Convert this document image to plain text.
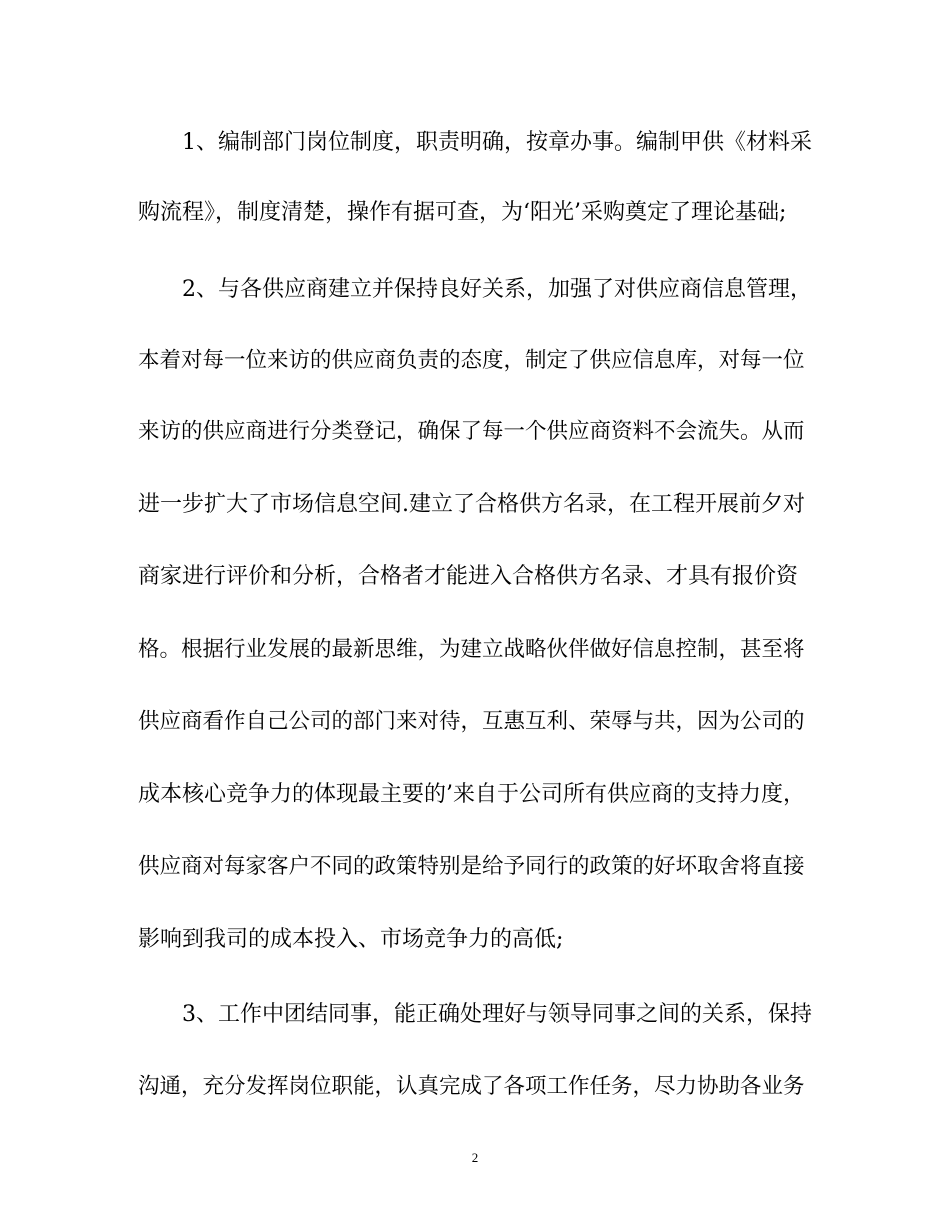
1、编制部门岗位制度，职责明确，按章办事。编制甲供《材料采
购流程》，制度清楚，操作有据可查，为‘阳光’采购奠定了理论基础;
2、与各供应商建立并保持良好关系，加强了对供应商信息管理，
本着对每一位来访的供应商负责的态度，制定了供应信息库，对每一位
来访的供应商进行分类登记，确保了每一个供应商资料不会流失。从而
进一步扩大了市场信息空间.建立了合格供方名录，在工程开展前夕对
商家进行评价和分析，合格者才能进入合格供方名录、才具有报价资
格。根据行业发展的最新思维，为建立战略伙伴做好信息控制，甚至将
供应商看作自己公司的部门来对待，互惠互利、荣辱与共，因为公司的
成本核心竞争力的体现最主要的’来自于公司所有供应商的支持力度，
供应商对每家客户不同的政策特别是给予同行的政策的好坏取舍将直接
影响到我司的成本投入、市场竞争力的高低;
3、工作中团结同事，能正确处理好与领导同事之间的关系，保持
沟通，充分发挥岗位职能，认真完成了各项工作任务，尽力协助各业务
2
